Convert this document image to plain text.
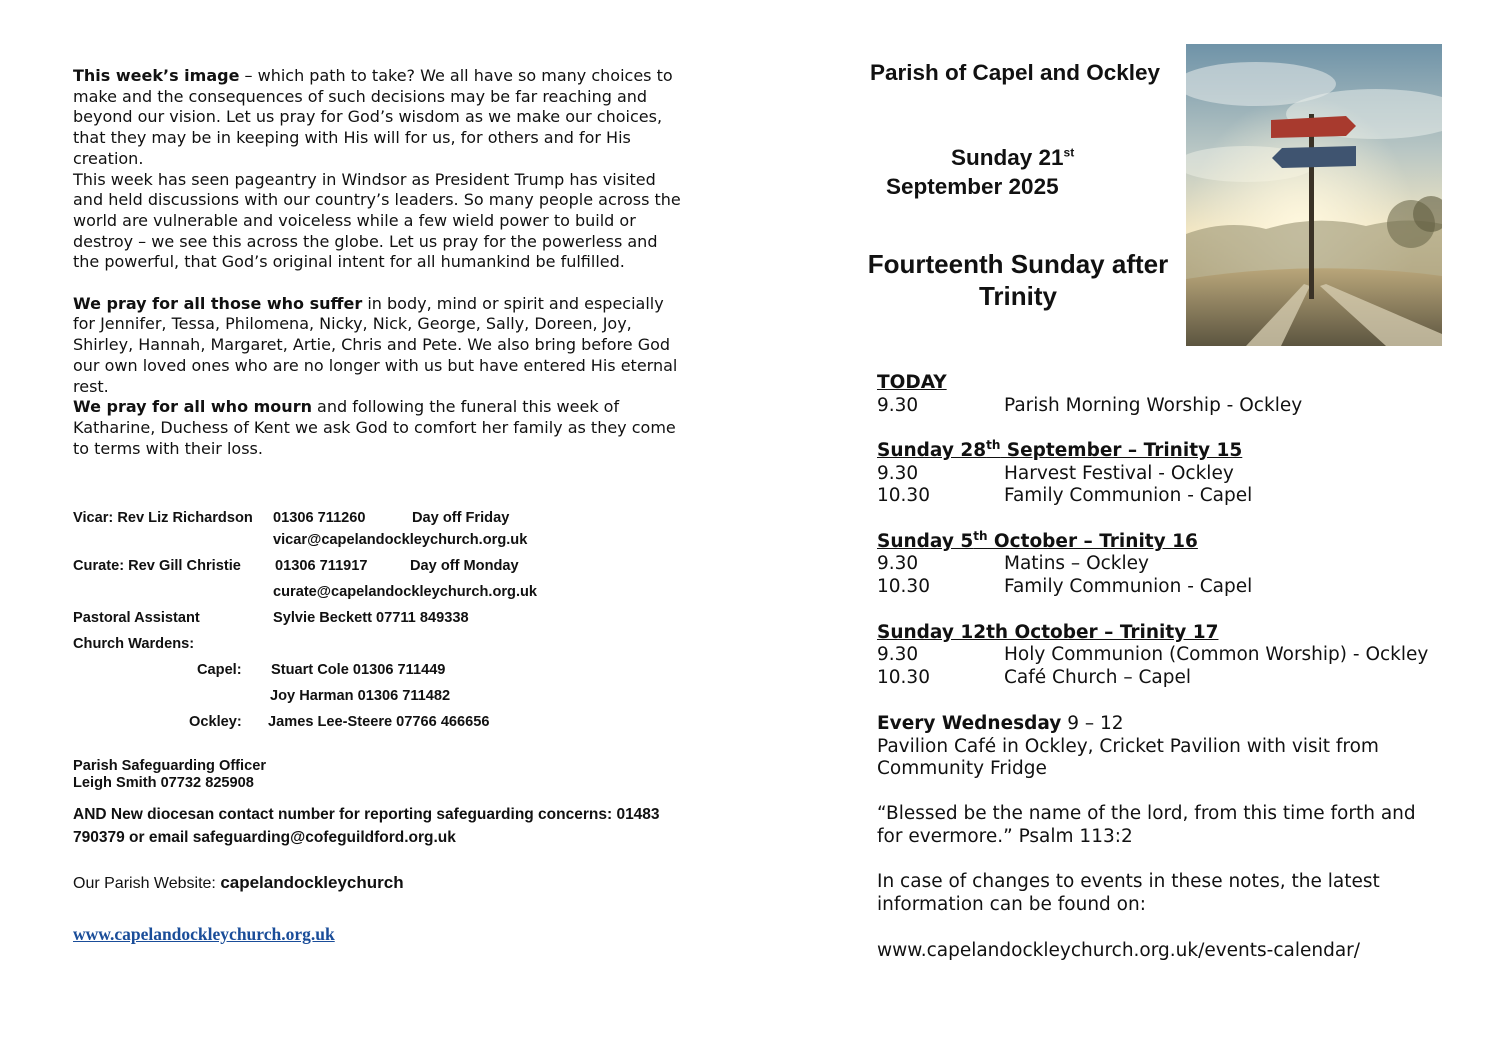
This week’s image – which path to take? We all have so many choices to make and the consequences of such decisions may be far reaching and beyond our vision. Let us pray for God’s wisdom as we make our choices, that they may be in keeping with His will for us, for others and for His creation.

This week has seen pageantry in Windsor as President Trump has visited and held discussions with our country’s leaders. So many people across the world are vulnerable and voiceless while a few wield power to build or destroy – we see this across the globe. Let us pray for the powerless and the powerful, that God’s original intent for all humankind be fulfilled.

We pray for all those who suffer in body, mind or spirit and especially for Jennifer, Tessa, Philomena, Nicky, Nick, George, Sally, Doreen, Joy, Shirley, Hannah, Margaret, Artie, Chris and Pete. We also bring before God our own loved ones who are no longer with us but have entered His eternal rest.

We pray for all who mourn and following the funeral this week of Katharine, Duchess of Kent we ask God to comfort her family as they come to terms with their loss.

Vicar: Rev Liz Richardson 01306 711260	Day off Friday
vicar@capelandockleychurch.org.uk
Curate: Rev Gill Christie 01306 711917	Day off Monday
curate@capelandockleychurch.org.uk
Pastoral Assistant	Sylvie Beckett 07711 849338
Church Wardens:
Capel: Stuart Cole 01306 711449
Joy Harman 01306 711482
Ockley: James Lee-Steere 07766 466656
Parish Safeguarding Officer
Leigh Smith 07732 825908
AND New diocesan contact number for reporting safeguarding concerns: 01483 790379 or email safeguarding@cofeguildford.org.uk
Our Parish Website: capelandockleychurch
www.capelandockleychurch.org.uk
Parish of Capel and Ockley
Sunday 21st
September 2025
Fourteenth Sunday after Trinity
TODAY
9.30	Parish Morning Worship - Ockley
Sunday 28th September – Trinity 15
9.30	Harvest Festival - Ockley
10.30	Family Communion - Capel
Sunday 5th October – Trinity 16
9.30	Matins – Ockley
10.30	Family Communion - Capel
Sunday 12th October – Trinity 17
9.30	Holy Communion (Common Worship) - Ockley
10.30	Café Church – Capel
Every Wednesday 9 – 12
Pavilion Café in Ockley, Cricket Pavilion with visit from
Community Fridge
“Blessed be the name of the lord, from this time forth and
for evermore.” Psalm 113:2
In case of changes to events in these notes, the latest
information can be found on:
www.capelandockleychurch.org.uk/events-calendar/
